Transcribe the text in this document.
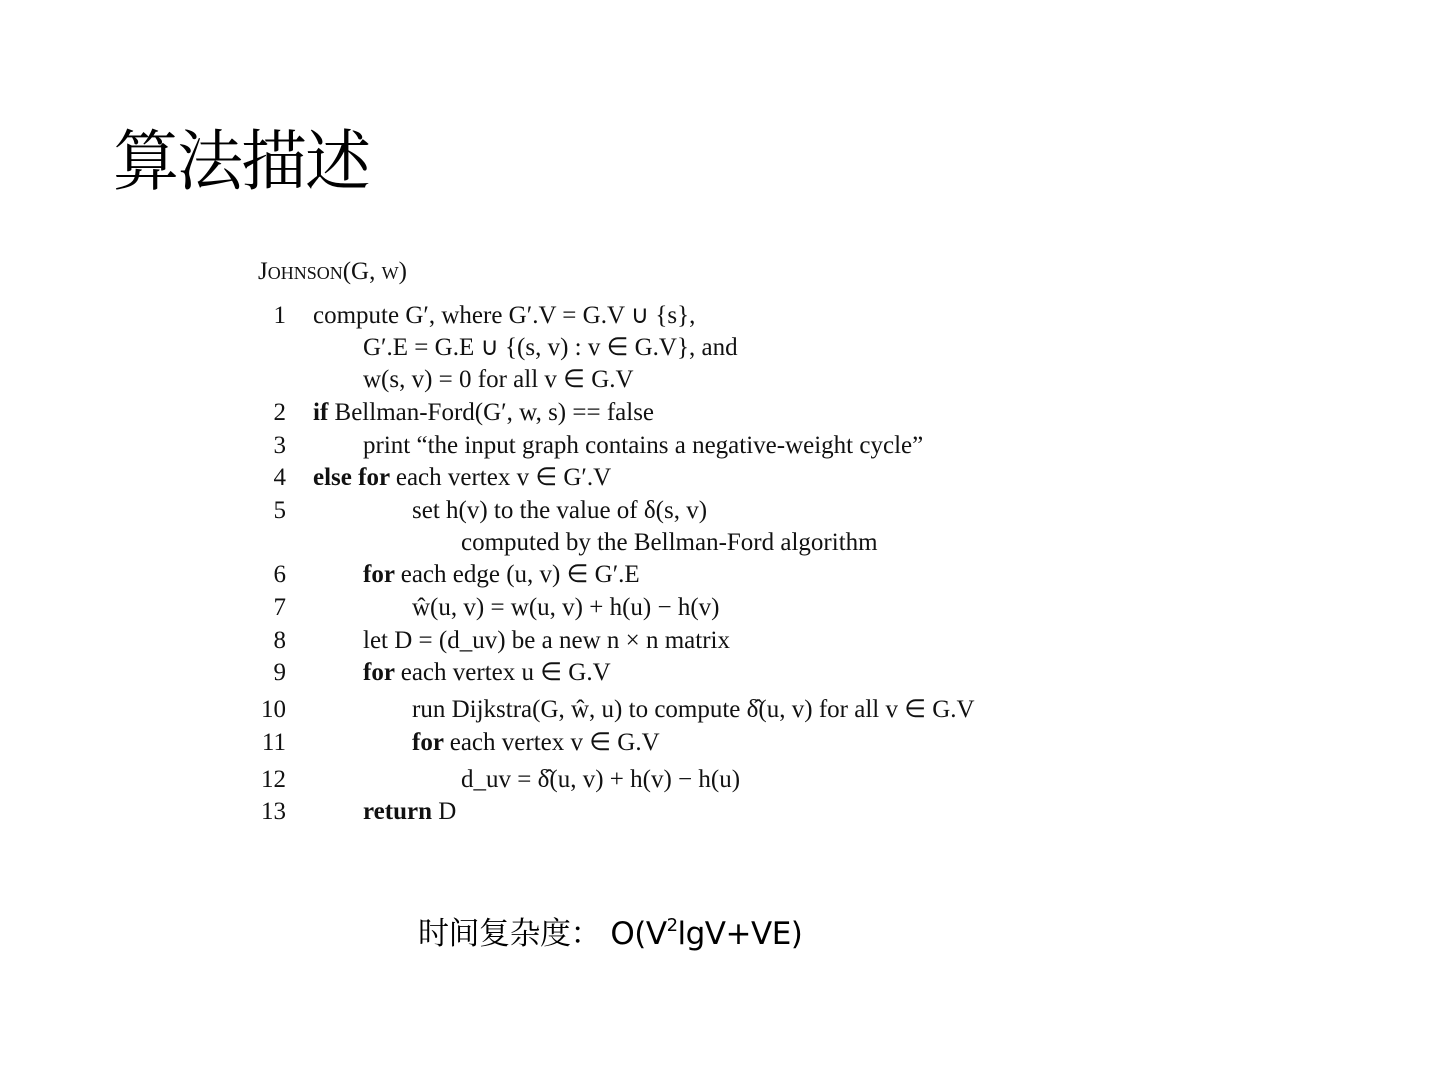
算法描述
Johnson(G, w)
1 compute G′, where G′.V = G.V ∪ {s},
G′.E = G.E ∪ {(s, v) : v ∈ G.V}, and
w(s, v) = 0 for all v ∈ G.V
2 if Bellman-Ford(G′, w, s) == false
3	print “the input graph contains a negative-weight cycle”
4 else for each vertex v ∈ G′.V
5	set h(v) to the value of δ(s, v)
computed by the Bellman-Ford algorithm
6	for each edge (u, v) ∈ G′.E
7	ŵ(u, v) = w(u, v) + h(u) − h(v)
8	let D = (d_uv) be a new n × n matrix
9	for each vertex u ∈ G.V
10	run Dijkstra(G, ŵ, u) to compute δ̂(u, v) for all v ∈ G.V
11	for each vertex v ∈ G.V
12	d_uv = δ̂(u, v) + h(v) − h(u)
13	return D
时间复杂度： $O(V^2\lg V+VE)$
